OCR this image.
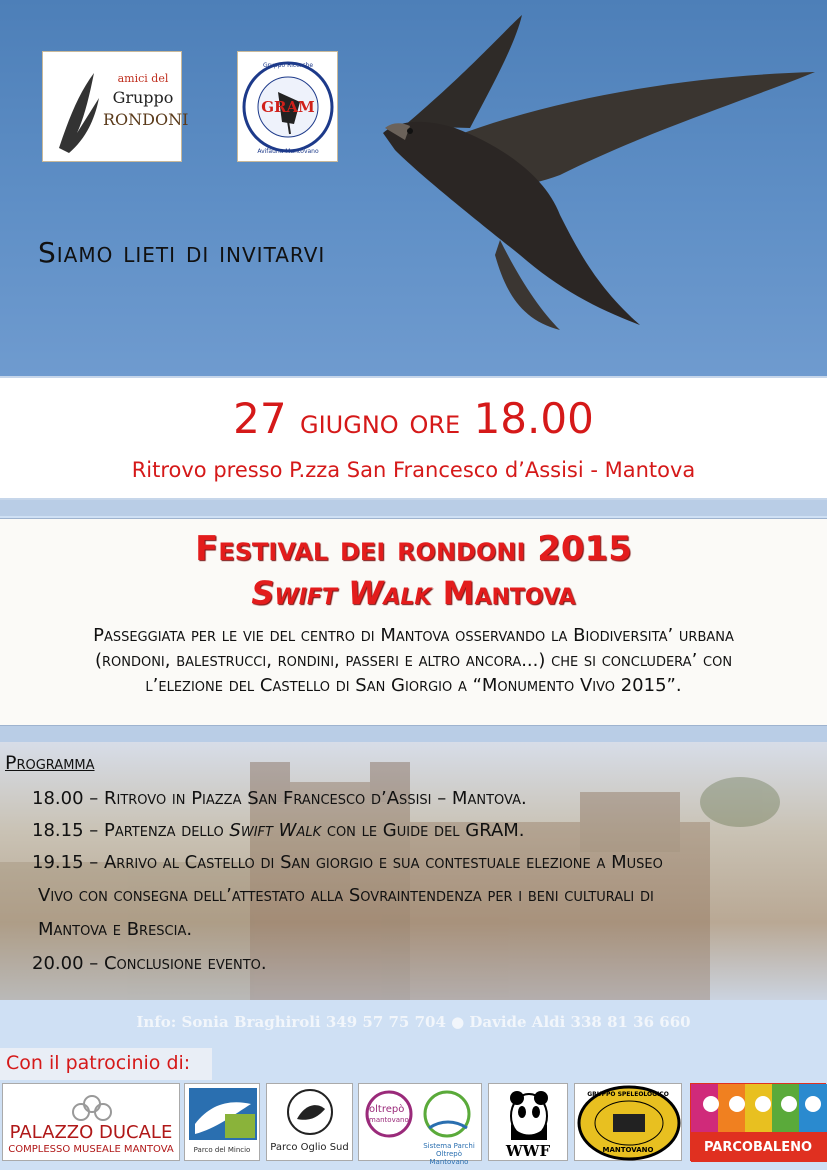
amici del
Gruppo
RONDONI
GRAM
Gruppo Ricerche
Avifauna Mantovano
Siamo lieti di invitarvi
27 giugno ore 18.00
Ritrovo presso P.zza San Francesco d’Assisi - Mantova
Festival dei rondoni 2015
Swift Walk Mantova
Passeggiata per le vie del centro di Mantova osservando la Biodiversita’ urbana
(rondoni, balestrucci, rondini, passeri e altro ancora...) che si concludera’ con
l’elezione del Castello di San Giorgio a “Monumento Vivo 2015”.
Programma
18.00 – Ritrovo in Piazza San Francesco d’Assisi – Mantova.
18.15 – Partenza dello Swift Walk con le Guide del GRAM.
19.15 – Arrivo al Castello di San giorgio e sua contestuale elezione a Museo
Vivo con consegna dell’attestato alla Sovraintendenza per i beni culturali di
Mantova e Brescia.
20.00 – Conclusione evento.
Info: Sonia Braghiroli 349 57 75 704 ● Davide Aldi 338 81 36 660
Con il patrocinio di:
PALAZZO DUCALE
COMPLESSO MUSEALE MANTOVA	Parco del Mincio	Parco Oglio Sud
oltrepò
mantovano
Sistema Parchi Oltrepò Mantovano
WWF
GRUPPO SPELEOLOGICO
MANTOVANO	PARCOBALENO
